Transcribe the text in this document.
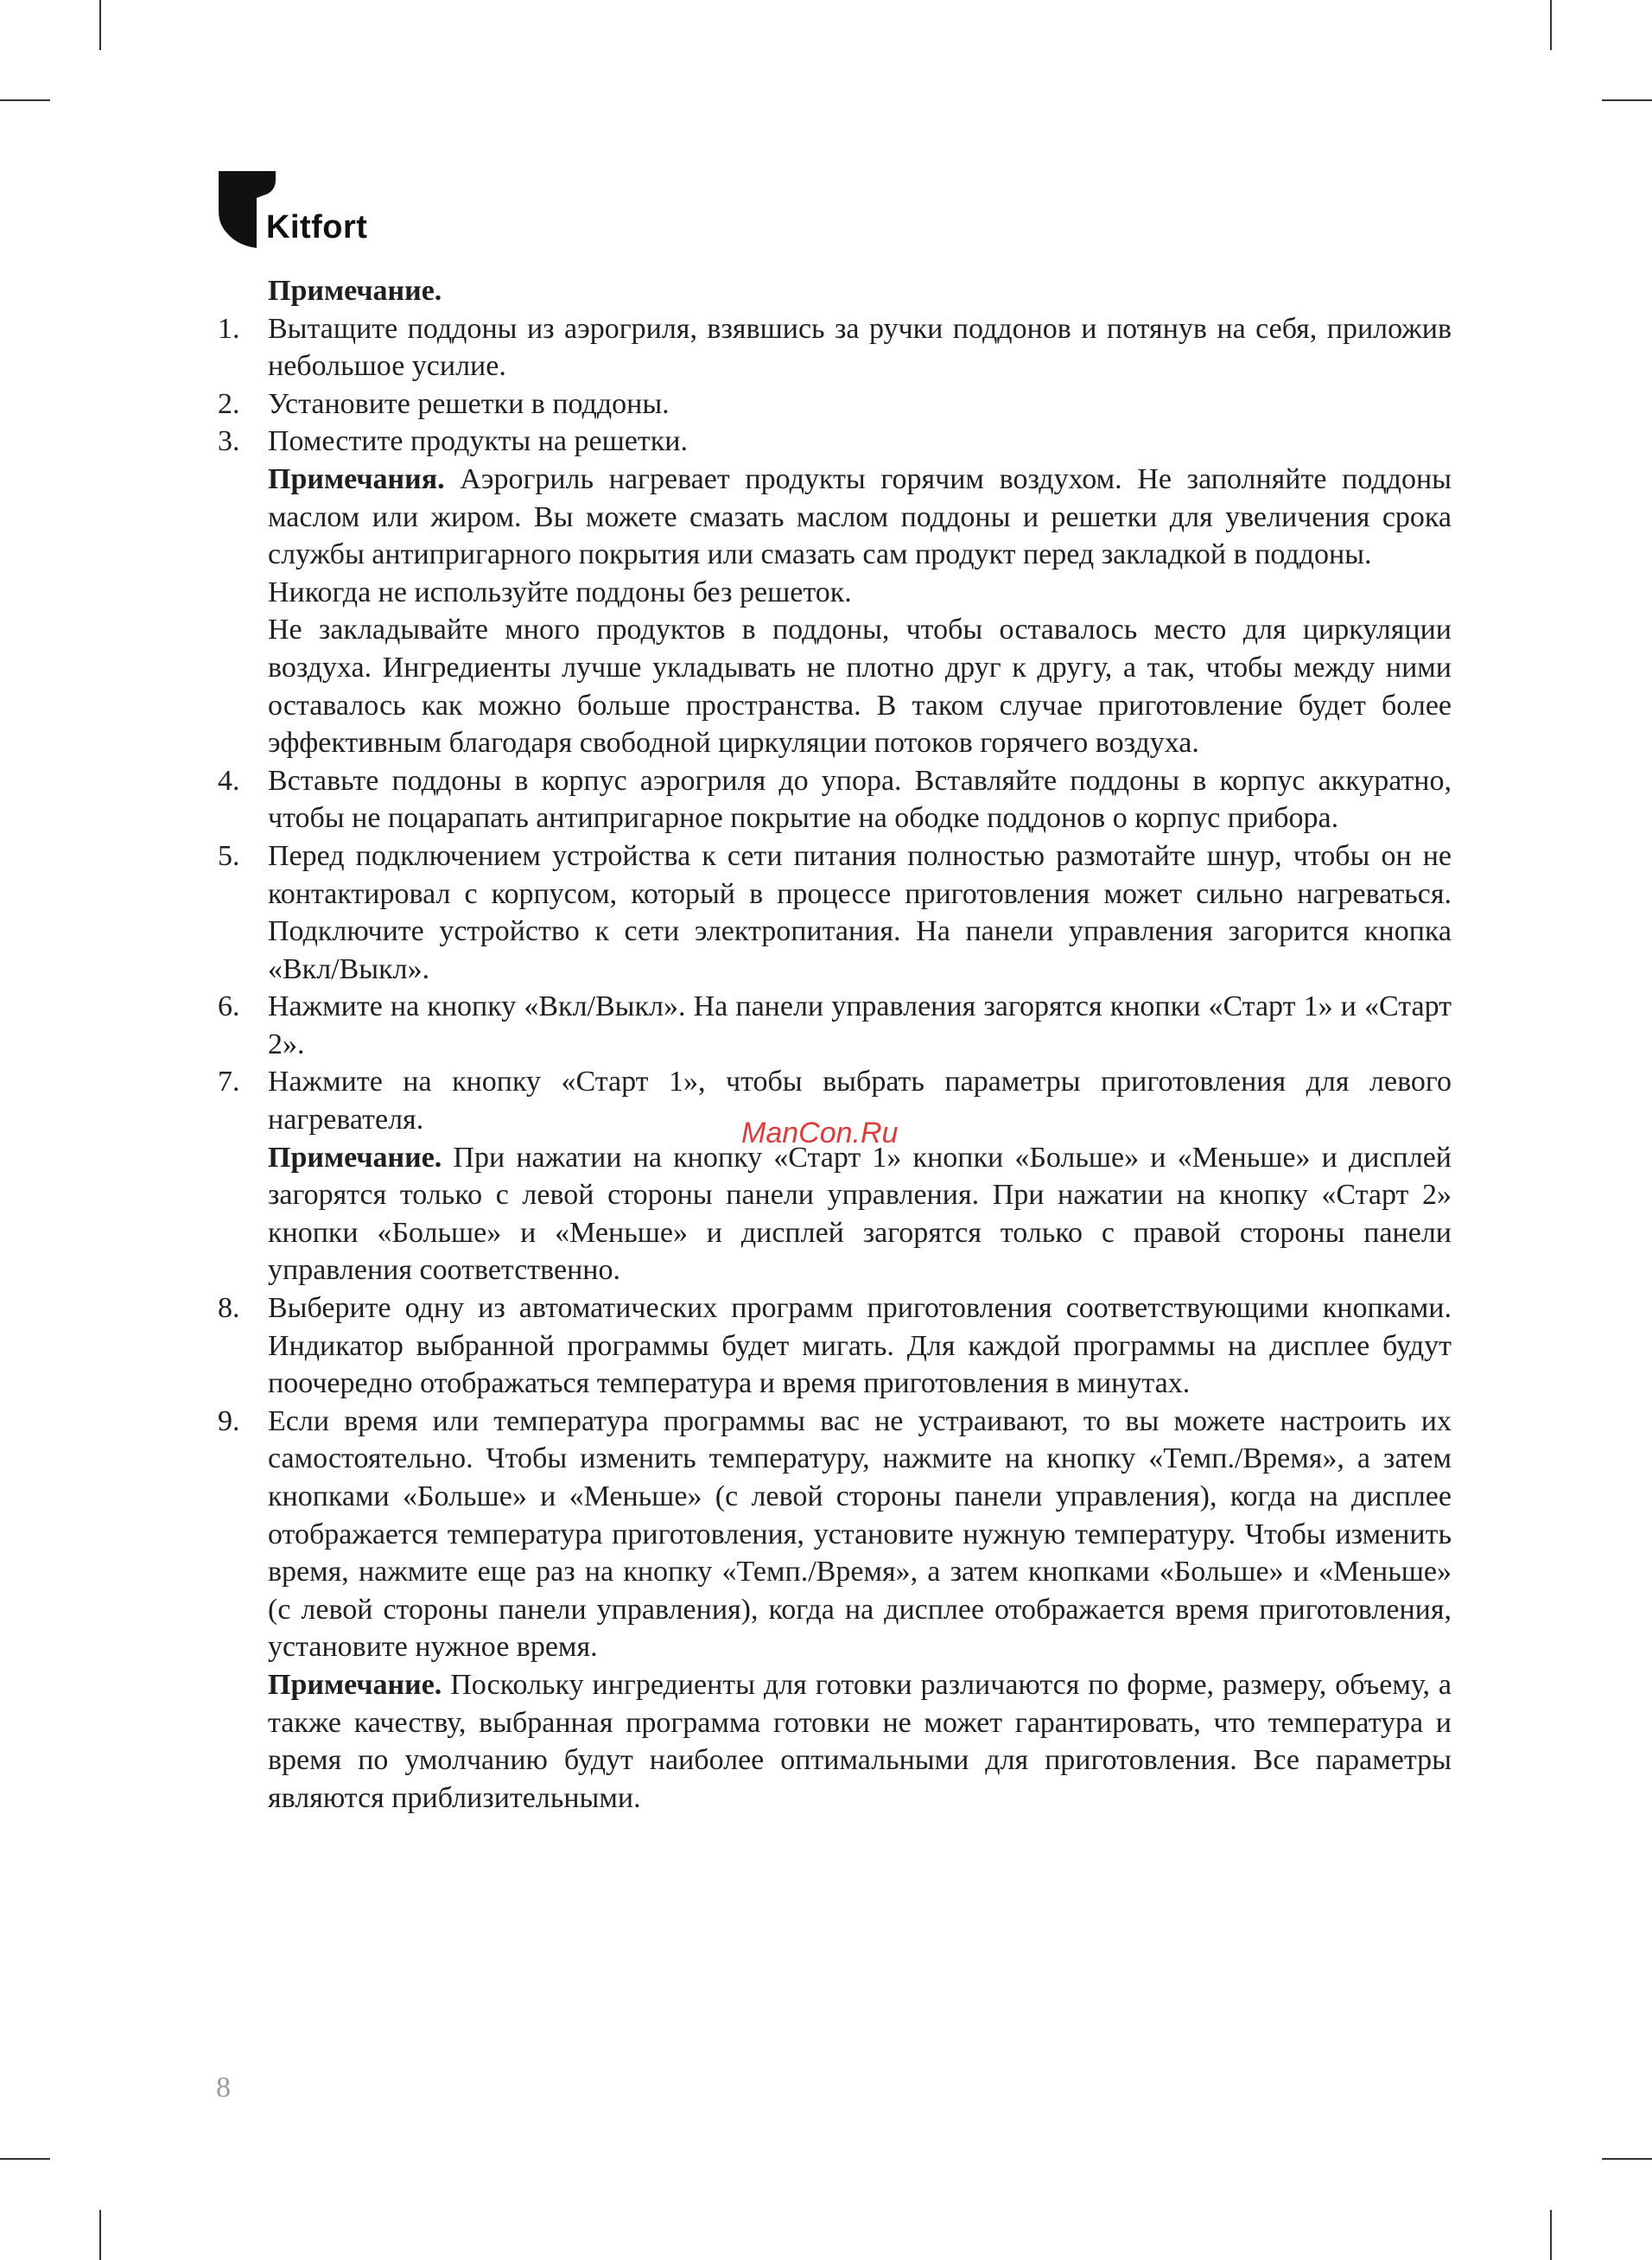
Kitfort

Примечание.

1. Вытащите поддоны из аэрогриля, взявшись за ручки поддонов и потянув на себя, приложив небольшое усилие.

2. Установите решетки в поддоны.

3. Поместите продукты на решетки.

Примечания. Аэрогриль нагревает продукты горячим воздухом. Не заполняйте поддоны маслом или жиром. Вы можете смазать маслом поддоны и решетки для увеличения срока службы антипригарного покрытия или смазать сам продукт перед закладкой в поддоны.

Никогда не используйте поддоны без решеток.

Не закладывайте много продуктов в поддоны, чтобы оставалось место для циркуляции воздуха. Ингредиенты лучше укладывать не плотно друг к другу, а так, чтобы между ними оставалось как можно больше пространства. В таком случае приготовление будет более эффективным благодаря свободной циркуляции потоков горячего воздуха.

4. Вставьте поддоны в корпус аэрогриля до упора. Вставляйте поддоны в корпус аккуратно, чтобы не поцарапать антипригарное покрытие на ободке поддонов о корпус прибора.

5. Перед подключением устройства к сети питания полностью размотайте шнур, чтобы он не контактировал с корпусом, который в процессе приготовления может сильно нагреваться. Подключите устройство к сети электропитания. На панели управления загорится кнопка «Вкл/Выкл».

6. Нажмите на кнопку «Вкл/Выкл». На панели управления загорятся кнопки «Старт 1» и «Старт 2».

7. Нажмите на кнопку «Старт 1», чтобы выбрать параметры приготовления для левого нагревателя.

Примечание. При нажатии на кнопку «Старт 1» кнопки «Больше» и «Меньше» и дисплей загорятся только с левой стороны панели управления. При нажатии на кнопку «Старт 2» кнопки «Больше» и «Меньше» и дисплей загорятся только с правой стороны панели управления соответственно.

8. Выберите одну из автоматических программ приготовления соответствующими кнопками. Индикатор выбранной программы будет мигать. Для каждой программы на дисплее будут поочередно отображаться температура и время приготовления в минутах.

9. Если время или температура программы вас не устраивают, то вы можете настроить их самостоятельно. Чтобы изменить температуру, нажмите на кнопку «Темп./Время», а затем кнопками «Больше» и «Меньше» (с левой стороны панели управления), когда на дисплее отображается температура приготовления, установите нужную температуру. Чтобы изменить время, нажмите еще раз на кнопку «Темп./Время», а затем кнопками «Больше» и «Меньше» (с левой стороны панели управления), когда на дисплее отображается время приготовления, установите нужное время.

Примечание. Поскольку ингредиенты для готовки различаются по форме, размеру, объему, а также качеству, выбранная программа готовки не может гарантировать, что температура и время по умолчанию будут наиболее оптимальными для приготовления. Все параметры являются приблизительными.

ManCon.Ru
8
